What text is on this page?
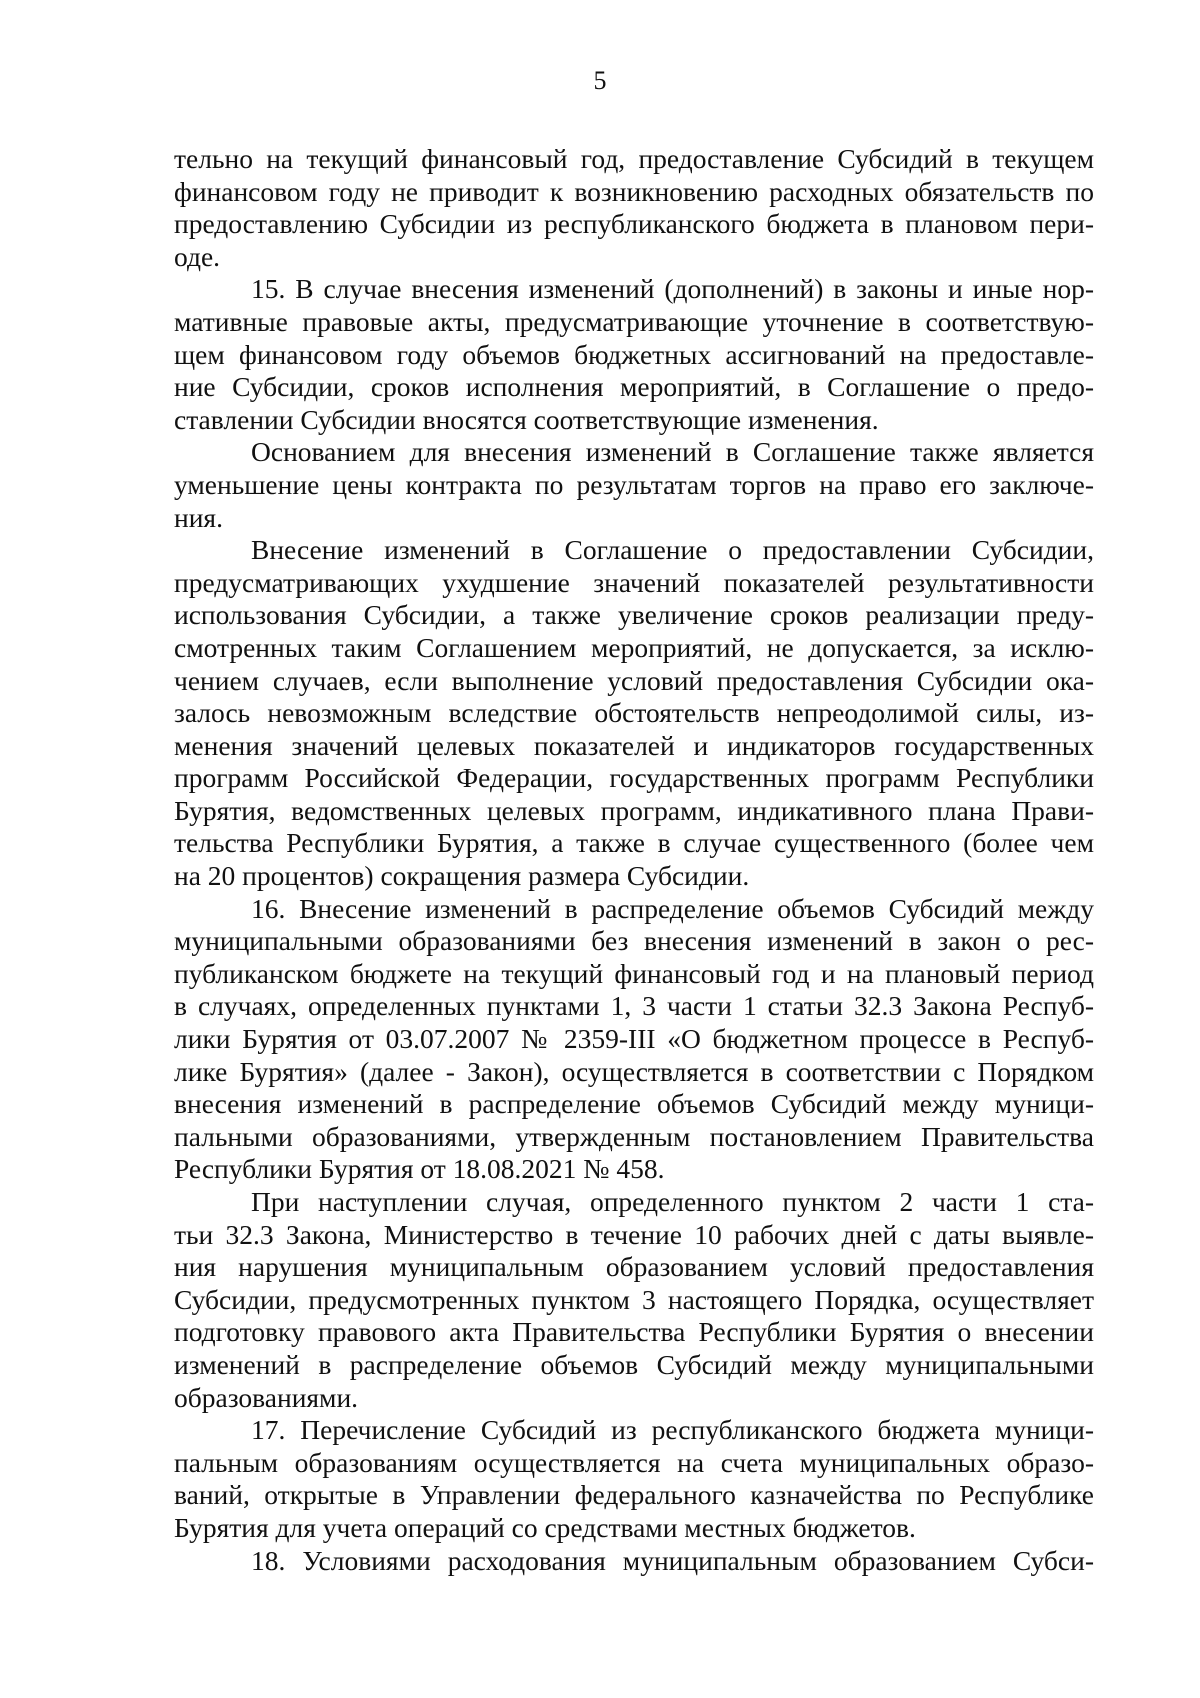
5
тельно на текущий финансовый год, предоставление Субсидий в текущем
финансовом году не приводит к возникновению расходных обязательств по
предоставлению Субсидии из республиканского бюджета в плановом пери-
оде.
15. В случае внесения изменений (дополнений) в законы и иные нор-
мативные правовые акты, предусматривающие уточнение в соответствую-
щем финансовом году объемов бюджетных ассигнований на предоставле-
ние Субсидии, сроков исполнения мероприятий, в Соглашение о предо-
ставлении Субсидии вносятся соответствующие изменения.
Основанием для внесения изменений в Соглашение также является
уменьшение цены контракта по результатам торгов на право его заключе-
ния.
Внесение изменений в Соглашение о предоставлении Субсидии,
предусматривающих ухудшение значений показателей результативности
использования Субсидии, а также увеличение сроков реализации преду-
смотренных таким Соглашением мероприятий, не допускается, за исклю-
чением случаев, если выполнение условий предоставления Субсидии ока-
залось невозможным вследствие обстоятельств непреодолимой силы, из-
менения значений целевых показателей и индикаторов государственных
программ Российской Федерации, государственных программ Республики
Бурятия, ведомственных целевых программ, индикативного плана Прави-
тельства Республики Бурятия, а также в случае существенного (более чем
на 20 процентов) сокращения размера Субсидии.
16. Внесение изменений в распределение объемов Субсидий между
муниципальными образованиями без внесения изменений в закон о рес-
публиканском бюджете на текущий финансовый год и на плановый период
в случаях, определенных пунктами 1, 3 части 1 статьи 32.3 Закона Респуб-
лики Бурятия от 03.07.2007 № 2359-III «О бюджетном процессе в Респуб-
лике Бурятия» (далее - Закон), осуществляется в соответствии с Порядком
внесения изменений в распределение объемов Субсидий между муници-
пальными образованиями, утвержденным постановлением Правительства
Республики Бурятия от 18.08.2021 № 458.
При наступлении случая, определенного пунктом 2 части 1 ста-
тьи 32.3 Закона, Министерство в течение 10 рабочих дней с даты выявле-
ния нарушения муниципальным образованием условий предоставления
Субсидии, предусмотренных пунктом 3 настоящего Порядка, осуществляет
подготовку правового акта Правительства Республики Бурятия о внесении
изменений в распределение объемов Субсидий между муниципальными
образованиями.
17. Перечисление Субсидий из республиканского бюджета муници-
пальным образованиям осуществляется на счета муниципальных образо-
ваний, открытые в Управлении федерального казначейства по Республике
Бурятия для учета операций со средствами местных бюджетов.
18. Условиями расходования муниципальным образованием Субси-
